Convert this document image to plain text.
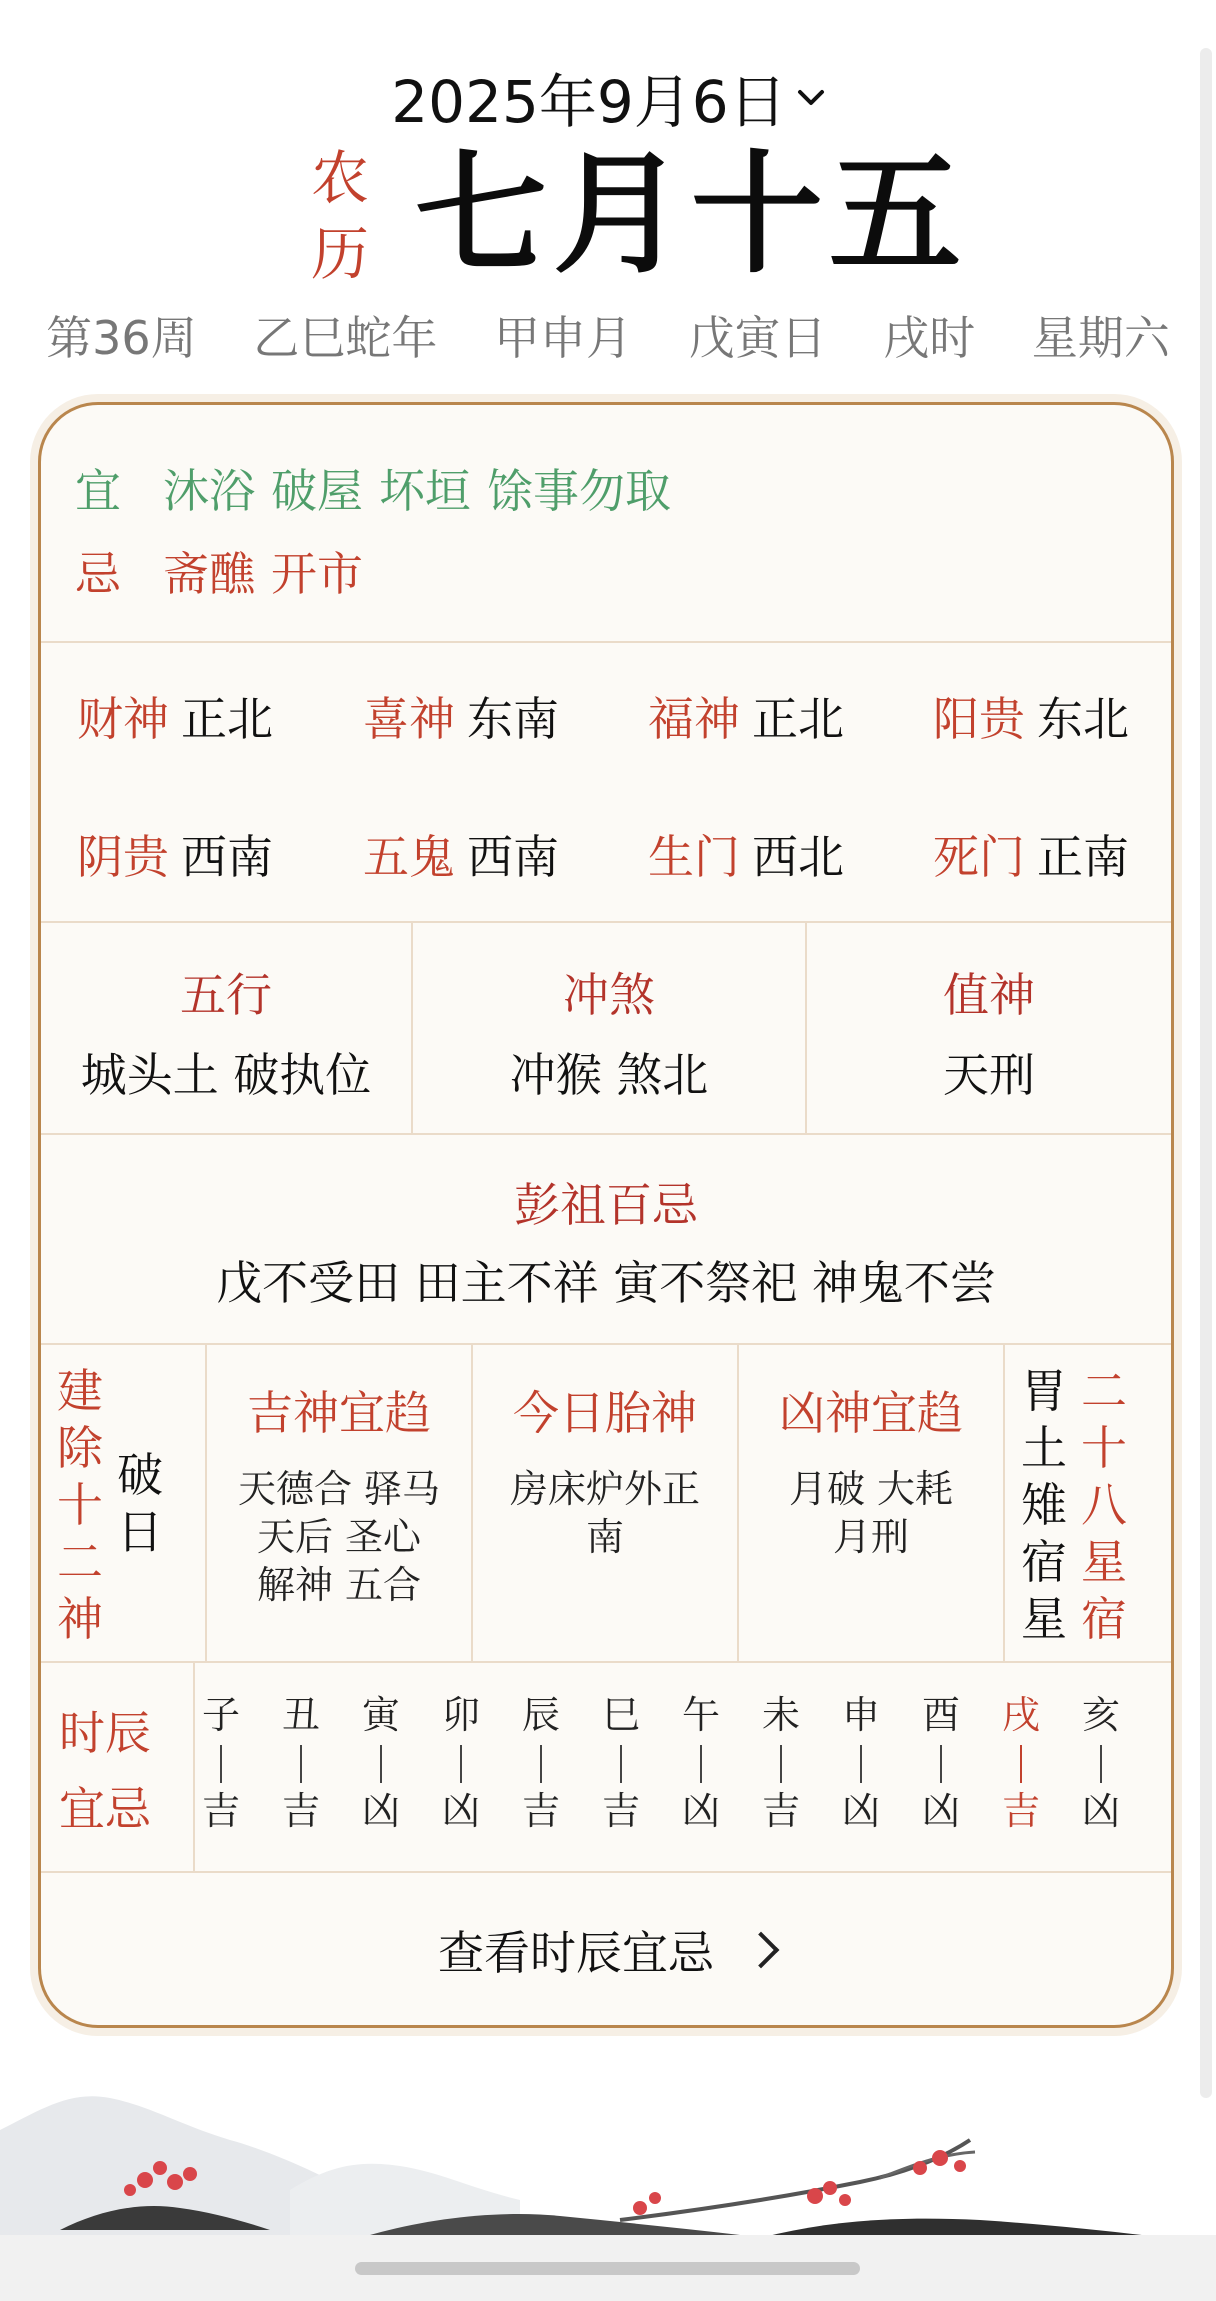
2025年9月6日
农
历 七月十五
第36周 乙巳蛇年 甲申月 戊寅日 戌时 星期六
宜 沐浴 破屋 坏垣 馀事勿取
忌 斋醮 开市
财神 正北 喜神 东南 福神 正北 阳贵 东北
阴贵 西南 五鬼 西南 生门 西北 死门 正南
五行
城头土 破执位
冲煞
冲猴 煞北
值神
天刑
彭祖百忌
戊不受田 田主不祥 寅不祭祀 神鬼不尝
建
除
十
二
神
破
日
吉神宜趋
天德合 驿马
天后 圣心
解神 五合
今日胎神
房床炉外正
南
凶神宜趋
月破 大耗
月刑
胃
土
雉
宿
星
二
十
八
星
宿
时辰
宜忌
子
吉
丑
吉
寅
凶
卯
凶
辰
吉
巳
吉
午
凶
未
吉
申
凶
酉
凶
戌
吉
亥
凶
查看时辰宜忌
